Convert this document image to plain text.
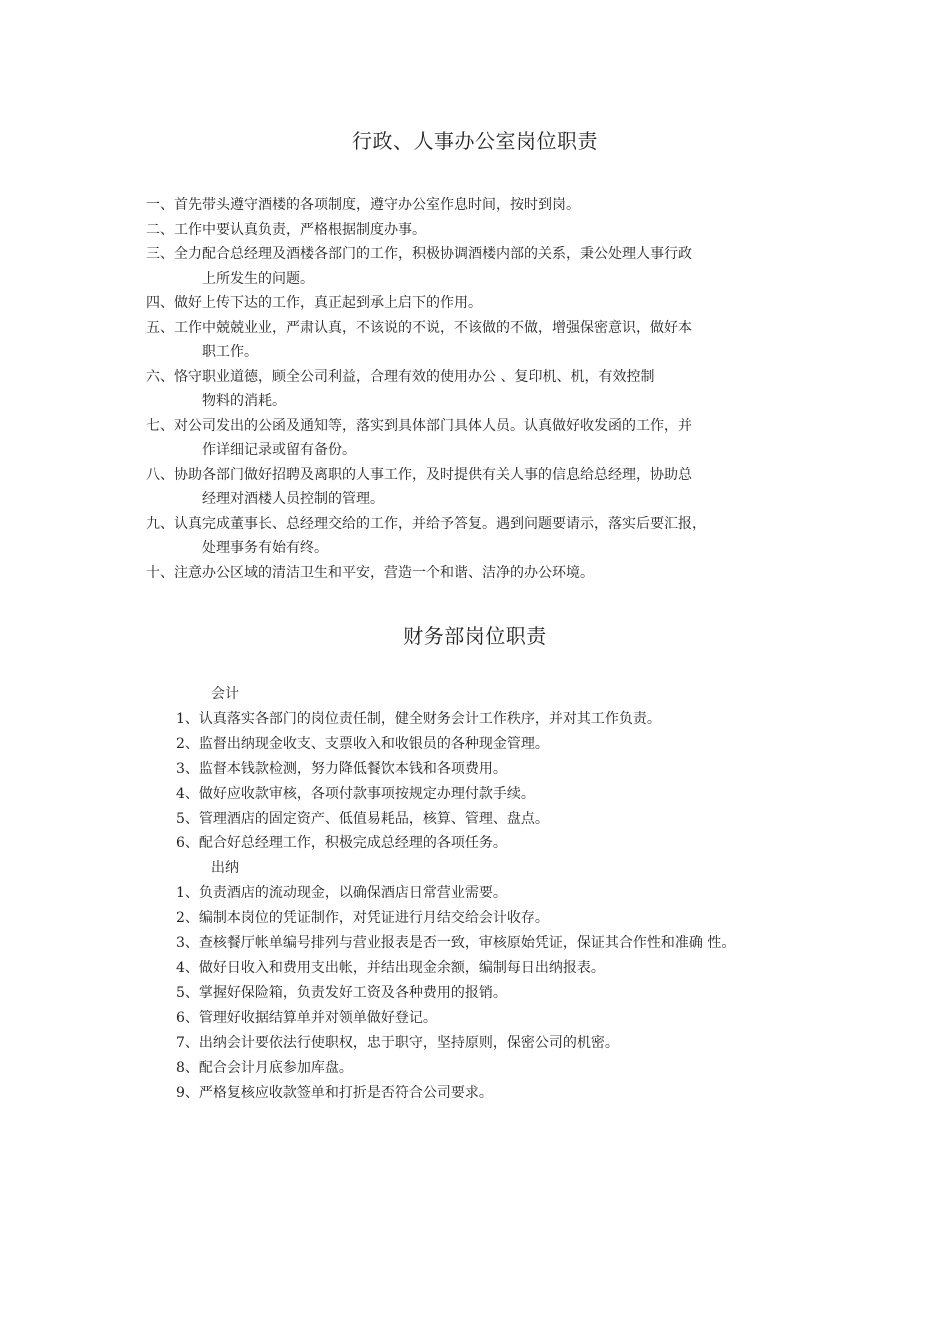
行政、人事办公室岗位职责
一、首先带头遵守酒楼的各项制度，遵守办公室作息时间，按时到岗。
二、工作中要认真负责，严格根据制度办事。
三、全力配合总经理及酒楼各部门的工作，积极协调酒楼内部的关系，秉公处理人事行政
上所发生的问题。
四、做好上传下达的工作，真正起到承上启下的作用。
五、工作中兢兢业业，严肃认真，不该说的不说，不该做的不做，增强保密意识，做好本
职工作。
六、恪守职业道德，顾全公司利益，合理有效的使用办公 、复印机、机，有效控制
物料的消耗。
七、对公司发出的公函及通知等，落实到具体部门具体人员。认真做好收发函的工作，并
作详细记录或留有备份。
八、协助各部门做好招聘及离职的人事工作，及时提供有关人事的信息给总经理，协助总
经理对酒楼人员控制的管理。
九、认真完成董事长、总经理交给的工作，并给予答复。遇到问题要请示，落实后要汇报，
处理事务有始有终。
十、注意办公区域的清洁卫生和平安，营造一个和谐、洁净的办公环境。
财务部岗位职责
会计
1、认真落实各部门的岗位责任制，健全财务会计工作秩序，并对其工作负责。
2、监督出纳现金收支、支票收入和收银员的各种现金管理。
3、监督本钱款检测，努力降低餐饮本钱和各项费用。
4、做好应收款审核，各项付款事项按规定办理付款手续。
5、管理酒店的固定资产、低值易耗品，核算、管理、盘点。
6、配合好总经理工作，积极完成总经理的各项任务。
出纳
1、负责酒店的流动现金，以确保酒店日常营业需要。
2、编制本岗位的凭证制作，对凭证进行月结交给会计收存。
3、查核餐厅帐单编号排列与营业报表是否一致，审核原始凭证，保证其合作性和准确 性。
4、做好日收入和费用支出帐，并结出现金余额，编制每日出纳报表。
5、掌握好保险箱，负责发好工资及各种费用的报销。
6、管理好收据结算单并对领单做好登记。
7、出纳会计要依法行使职权，忠于职守，坚持原则，保密公司的机密。
8、配合会计月底参加库盘。
9、严格复核应收款签单和打折是否符合公司要求。
